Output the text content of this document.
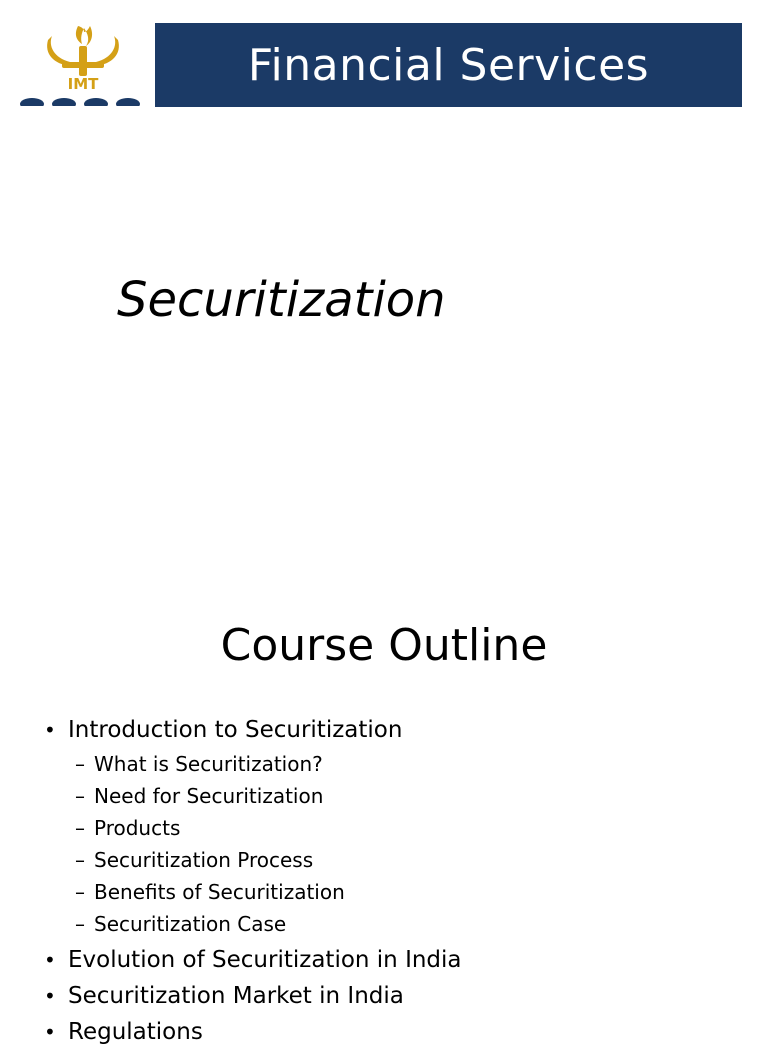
IMT	Financial Services
Securitization
Course Outline
• Introduction to Securitization
– What is Securitization?
– Need for Securitization
– Products
– Securitization Process
– Benefits of Securitization
– Securitization Case
• Evolution of Securitization in India
• Securitization Market in India
• Regulations
